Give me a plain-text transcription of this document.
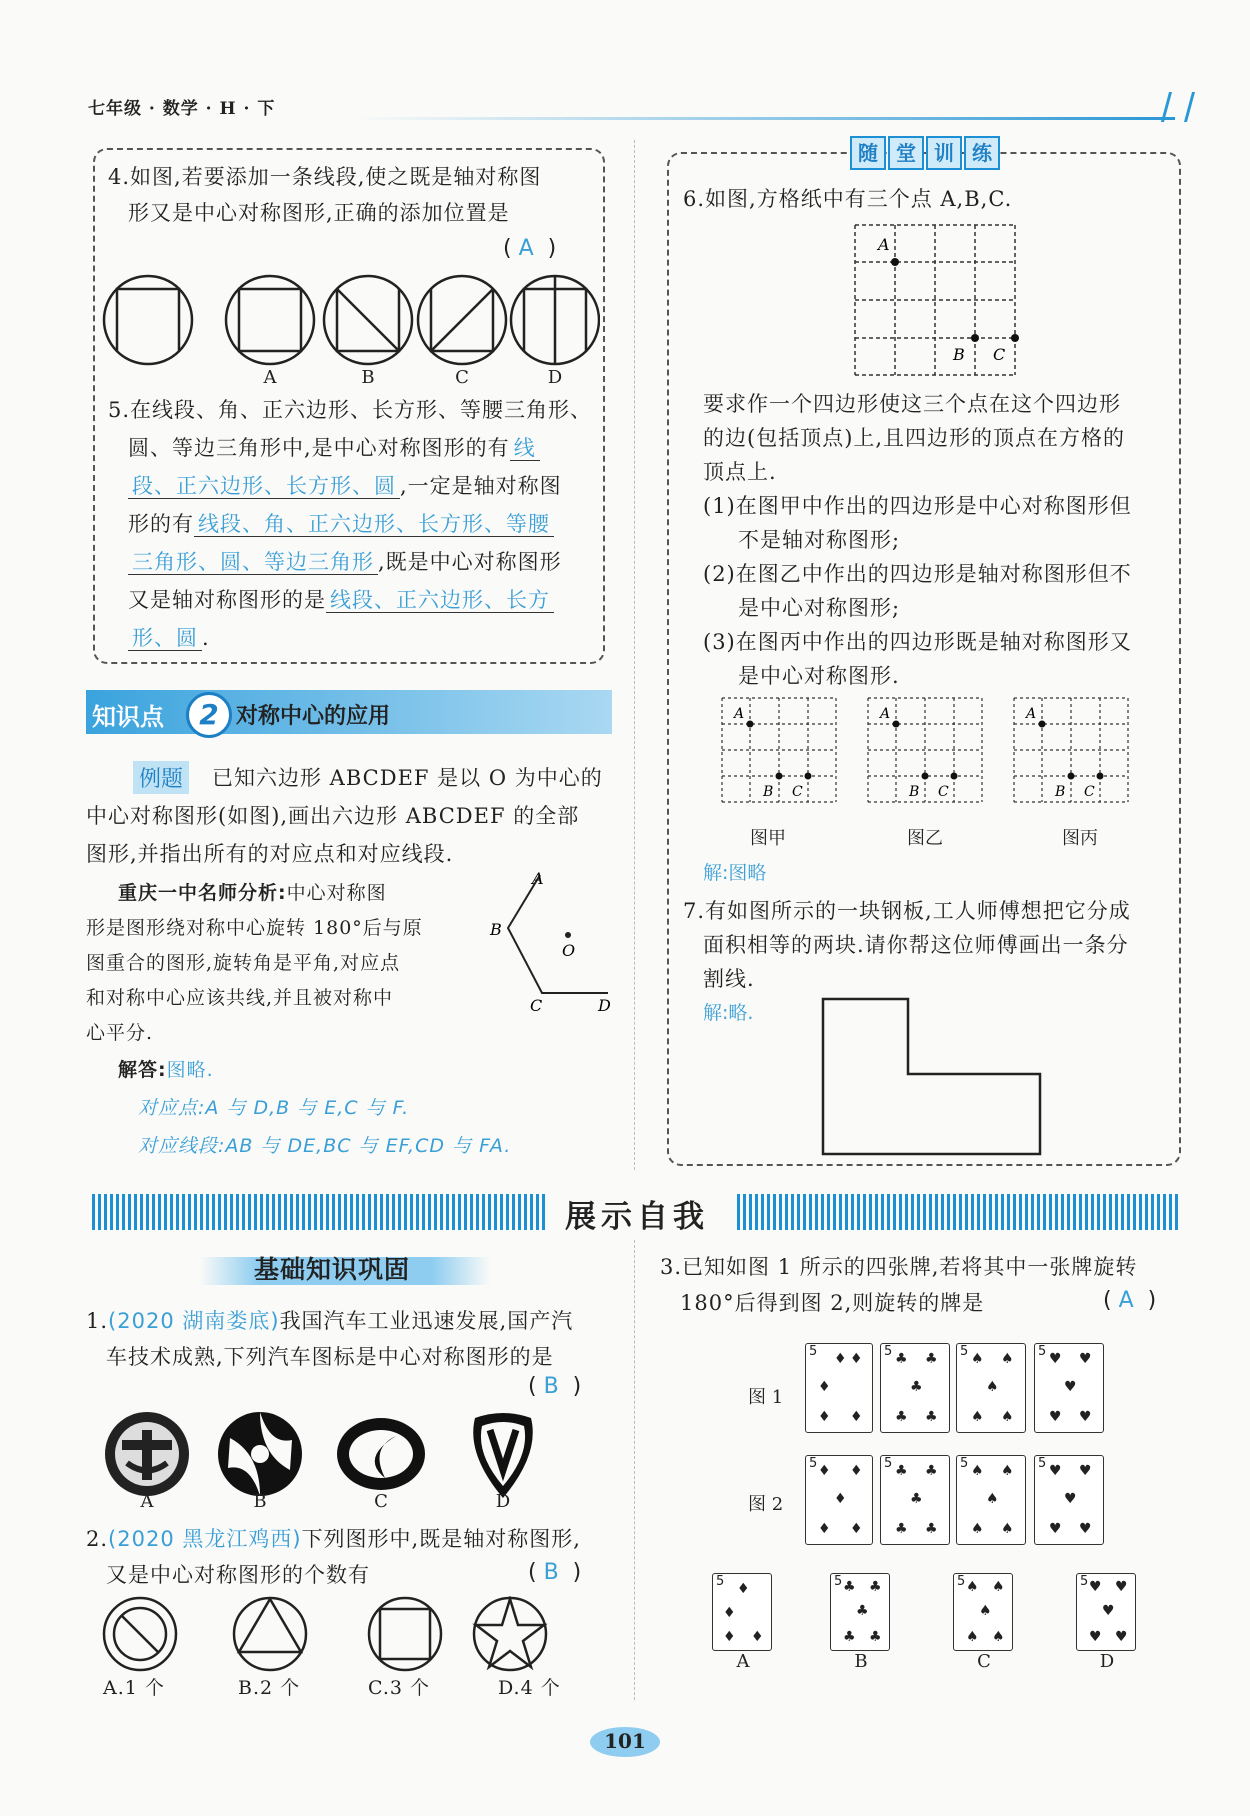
七年级 · 数学 · H · 下
4.如图,若要添加一条线段,使之既是轴对称图
形又是中心对称图形,正确的添加位置是
( A  )
A	B	C	D
5.在线段、角、正六边形、长方形、等腰三角形、
圆、等边三角形中,是中心对称图形的有 线
段、正六边形、长方形、圆 ,一定是轴对称图
形的有 线段、角、正六边形、长方形、等腰
三角形、圆、等边三角形 ,既是中心对称图形
又是轴对称图形的是 线段、正六边形、长方
形、圆 .
知识点	2 对称中心的应用
例题 已知六边形 ABCDEF 是以 O 为中心的
中心对称图形(如图),画出六边形 ABCDEF 的全部
图形,并指出所有的对应点和对应线段.
重庆一中名师分析:中心对称图
形是图形绕对称中心旋转 180°后与原
图重合的图形,旋转角是平角,对应点
和对称中心应该共线,并且被对称中
心平分.
A
B
O
C	D
解答:图略.
对应点:A 与 D,B 与 E,C 与 F.
对应线段:AB 与 DE,BC 与 EF,CD 与 FA.
随 堂 训 练
6.如图,方格纸中有三个点 A,B,C.
A
B C
要求作一个四边形使这三个点在这个四边形
的边(包括顶点)上,且四边形的顶点在方格的
顶点上.
(1)在图甲中作出的四边形是中心对称图形但
不是轴对称图形;
(2)在图乙中作出的四边形是轴对称图形但不
是中心对称图形;
(3)在图丙中作出的四边形既是轴对称图形又
是中心对称图形.
A
B C
A
B C
A
B C
图甲	图乙	图丙
解:图略
7.有如图所示的一块钢板,工人师傅想把它分成
面积相等的两块.请你帮这位师傅画出一条分
割线.
解:略.
展示自我
基础知识巩固
1.(2020 湖南娄底)我国汽车工业迅速发展,国产汽
车技术成熟,下列汽车图标是中心对称图形的是
( B  )
A	B	C	D
2.(2020 黑龙江鸡西)下列图形中,既是轴对称图形,
又是中心对称图形的个数有	( B  )
A.1 个	B.2 个	C.3 个	D.4 个
3.已知如图 1 所示的四张牌,若将其中一张牌旋转
180°后得到图 2,则旋转的牌是	( A  )
图 1
图 2
5 ♦
♦
♦ ♦
♦ 5 ♣ ♣
♣
♣ ♣
5 ♠ ♠
♠
♠ ♠
5 ♥ ♥
♥
♥ ♥
5 ♦ ♦
♦
♦ ♦
5 ♣ ♣
♣
♣ ♣
5 ♠ ♠
♠
♠ ♠
5 ♥ ♥
♥
♥ ♥
5 ♦
♦
♦ ♦
5 ♣ ♣
♣
♣ ♣
5 ♠ ♠
♠
♠ ♠
5 ♥ ♥
♥
♥ ♥
A	B	C	D
101
